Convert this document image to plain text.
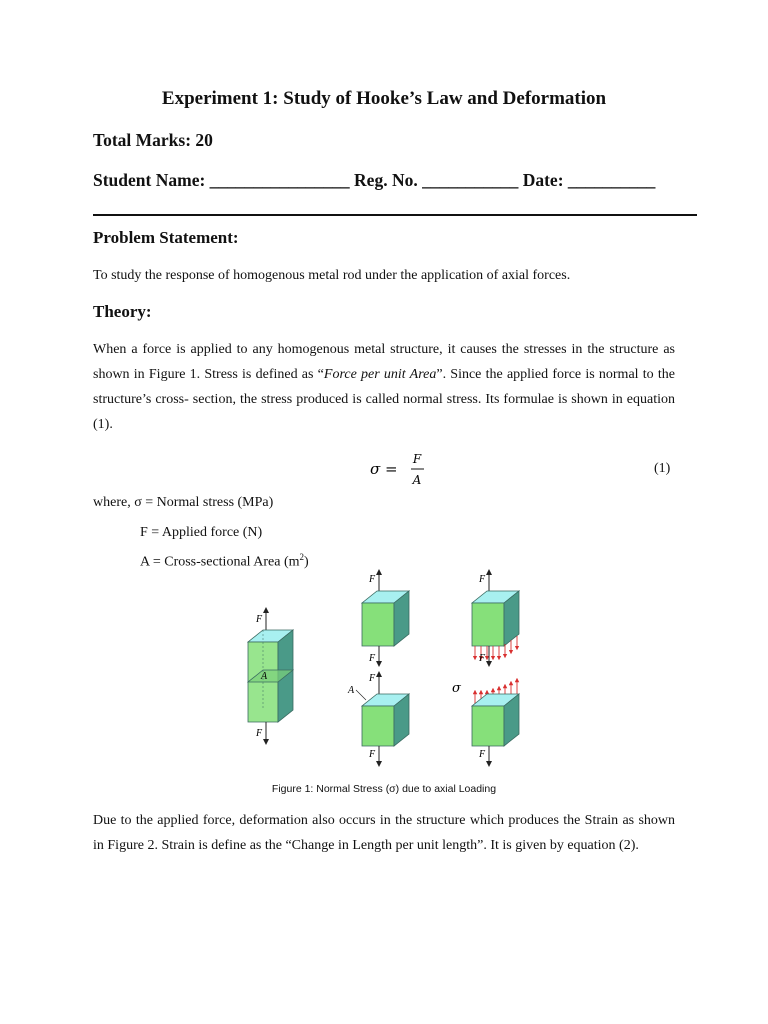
Experiment 1: Study of Hooke’s Law and Deformation
Total Marks: 20
Student Name: ________________ Reg. No. ___________ Date: __________
Problem Statement:
To study the response of homogenous metal rod under the application of axial forces.
Theory:
When a force is applied to any homogenous metal structure, it causes the stresses in the structure as shown in Figure 1. Stress is defined as “Force per unit Area”. Since the applied force is normal to the structure’s cross- section, the stress produced is called normal stress. Its formulae is shown in equation (1).
σ =
F
A
(1)
where, σ = Normal stress (MPa)
F = Applied force (N)
A = Cross-sectional Area $(m^2)$
F
A
F
F
F
F
A
F
F
F
σ
F
Figure 1: Normal Stress (σ) due to axial Loading
Due to the applied force, deformation also occurs in the structure which produces the Strain as shown in Figure 2. Strain is define as the “Change in Length per unit length”. It is given by equation (2).
